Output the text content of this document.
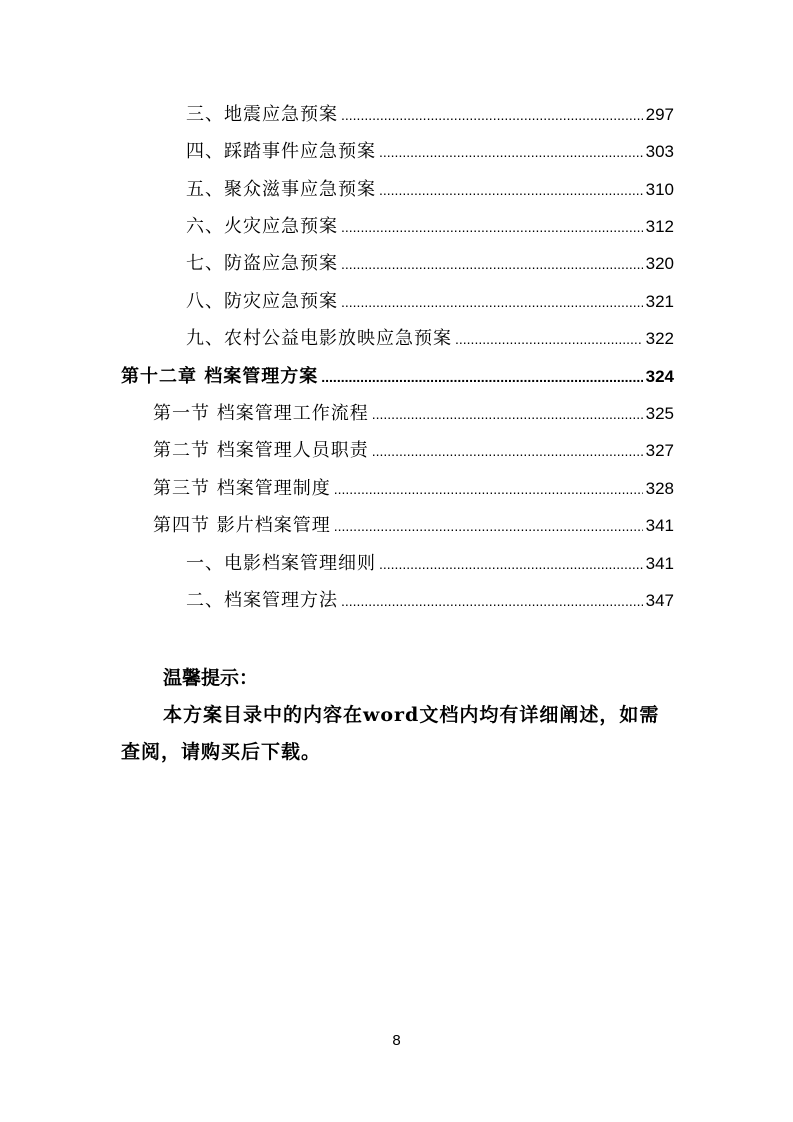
三、地震应急预案 .....	297
四、踩踏事件应急预案 .....	303
五、聚众滋事应急预案 .....	310
六、火灾应急预案 .....	312
七、防盗应急预案 .....	320
八、防灾应急预案 .....	321
九、农村公益电影放映应急预案 .....	322
第十二章 档案管理方案 .....	324
第一节 档案管理工作流程 .....	325
第二节 档案管理人员职责 .....	327
第三节 档案管理制度 .....	328
第四节 影片档案管理 .....	341
一、电影档案管理细则 .....	341
二、档案管理方法 .....	347
温馨提示：
本方案目录中的内容在word文档内均有详细阐述，如需查阅，请购买后下载。
8
